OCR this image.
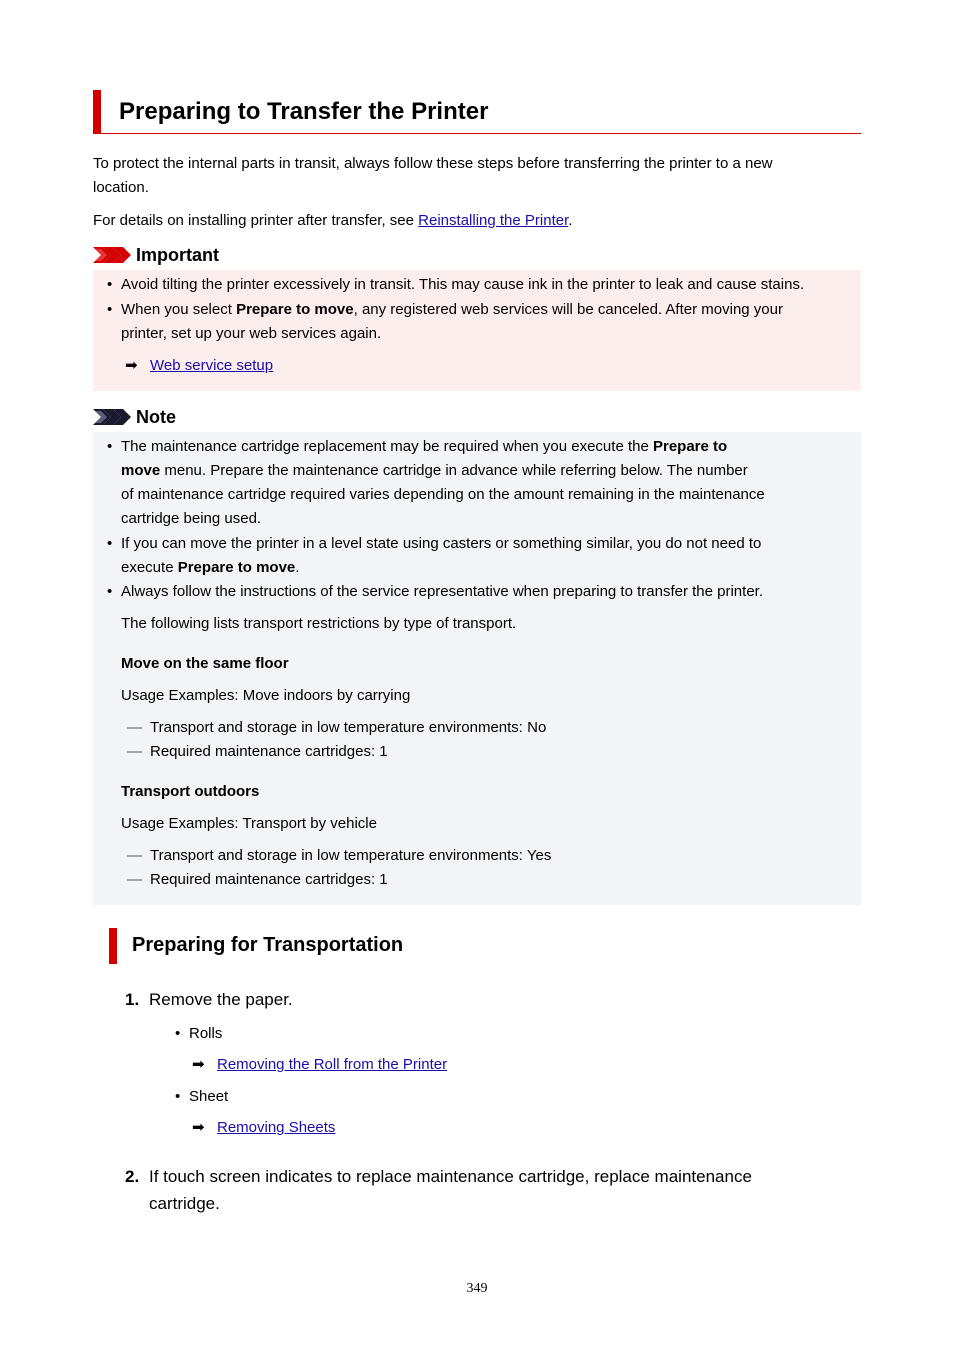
Preparing to Transfer the Printer
To protect the internal parts in transit, always follow these steps before transferring the printer to a new
location.
For details on installing printer after transfer, see Reinstalling the Printer.
Important
• Avoid tilting the printer excessively in transit. This may cause ink in the printer to leak and cause stains.
• When you select Prepare to move, any registered web services will be canceled. After moving your
printer, set up your web services again.
➡ Web service setup
Note
• The maintenance cartridge replacement may be required when you execute the Prepare to
move menu. Prepare the maintenance cartridge in advance while referring below. The number
of maintenance cartridge required varies depending on the amount remaining in the maintenance
cartridge being used.
• If you can move the printer in a level state using casters or something similar, you do not need to
execute Prepare to move.
• Always follow the instructions of the service representative when preparing to transfer the printer.
The following lists transport restrictions by type of transport.
Move on the same floor
Usage Examples: Move indoors by carrying
— Transport and storage in low temperature environments: No
— Required maintenance cartridges: 1
Transport outdoors
Usage Examples: Transport by vehicle
— Transport and storage in low temperature environments: Yes
— Required maintenance cartridges: 1
Preparing for Transportation
1. Remove the paper.
• Rolls
➡ Removing the Roll from the Printer
• Sheet
➡ Removing Sheets
2. If touch screen indicates to replace maintenance cartridge, replace maintenance
cartridge.
349
